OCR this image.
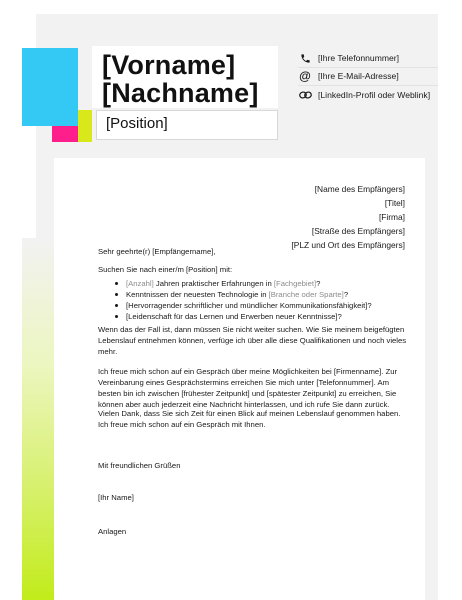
[Vorname]
[Nachname]
[Position]
[Ihre Telefonnummer]
@ [Ihre E-Mail-Adresse]
[LinkedIn-Profil oder Weblink]
[Name des Empfängers]
[Titel]
[Firma]
[Straße des Empfängers]
[PLZ und Ort des Empfängers]
Sehr geehrte(r) [Empfängername],
Suchen Sie nach einer/m [Position] mit:
[Anzahl] Jahren praktischer Erfahrungen in [Fachgebiet]?
Kenntnissen der neuesten Technologie in [Branche oder Sparte]?
[Hervorragender schriftlicher und mündlicher Kommunikationsfähigkeit]?
[Leidenschaft für das Lernen und Erwerben neuer Kenntnisse]?

Wenn das der Fall ist, dann müssen Sie nicht weiter suchen. Wie Sie meinem beigefügten Lebenslauf entnehmen können, verfüge ich über alle diese Qualifikationen und noch vieles mehr.

Ich freue mich schon auf ein Gespräch über meine Möglichkeiten bei [Firmenname]. Zur Vereinbarung eines Gesprächstermins erreichen Sie mich unter [Telefonnummer]. Am besten bin ich zwischen [frühester Zeitpunkt] und [spätester Zeitpunkt] zu erreichen, Sie können aber auch jederzeit eine Nachricht hinterlassen, und ich rufe Sie dann zurück.

Vielen Dank, dass Sie sich Zeit für einen Blick auf meinen Lebenslauf genommen haben. Ich freue mich schon auf ein Gespräch mit Ihnen.

Mit freundlichen Grüßen
[Ihr Name]
Anlagen
